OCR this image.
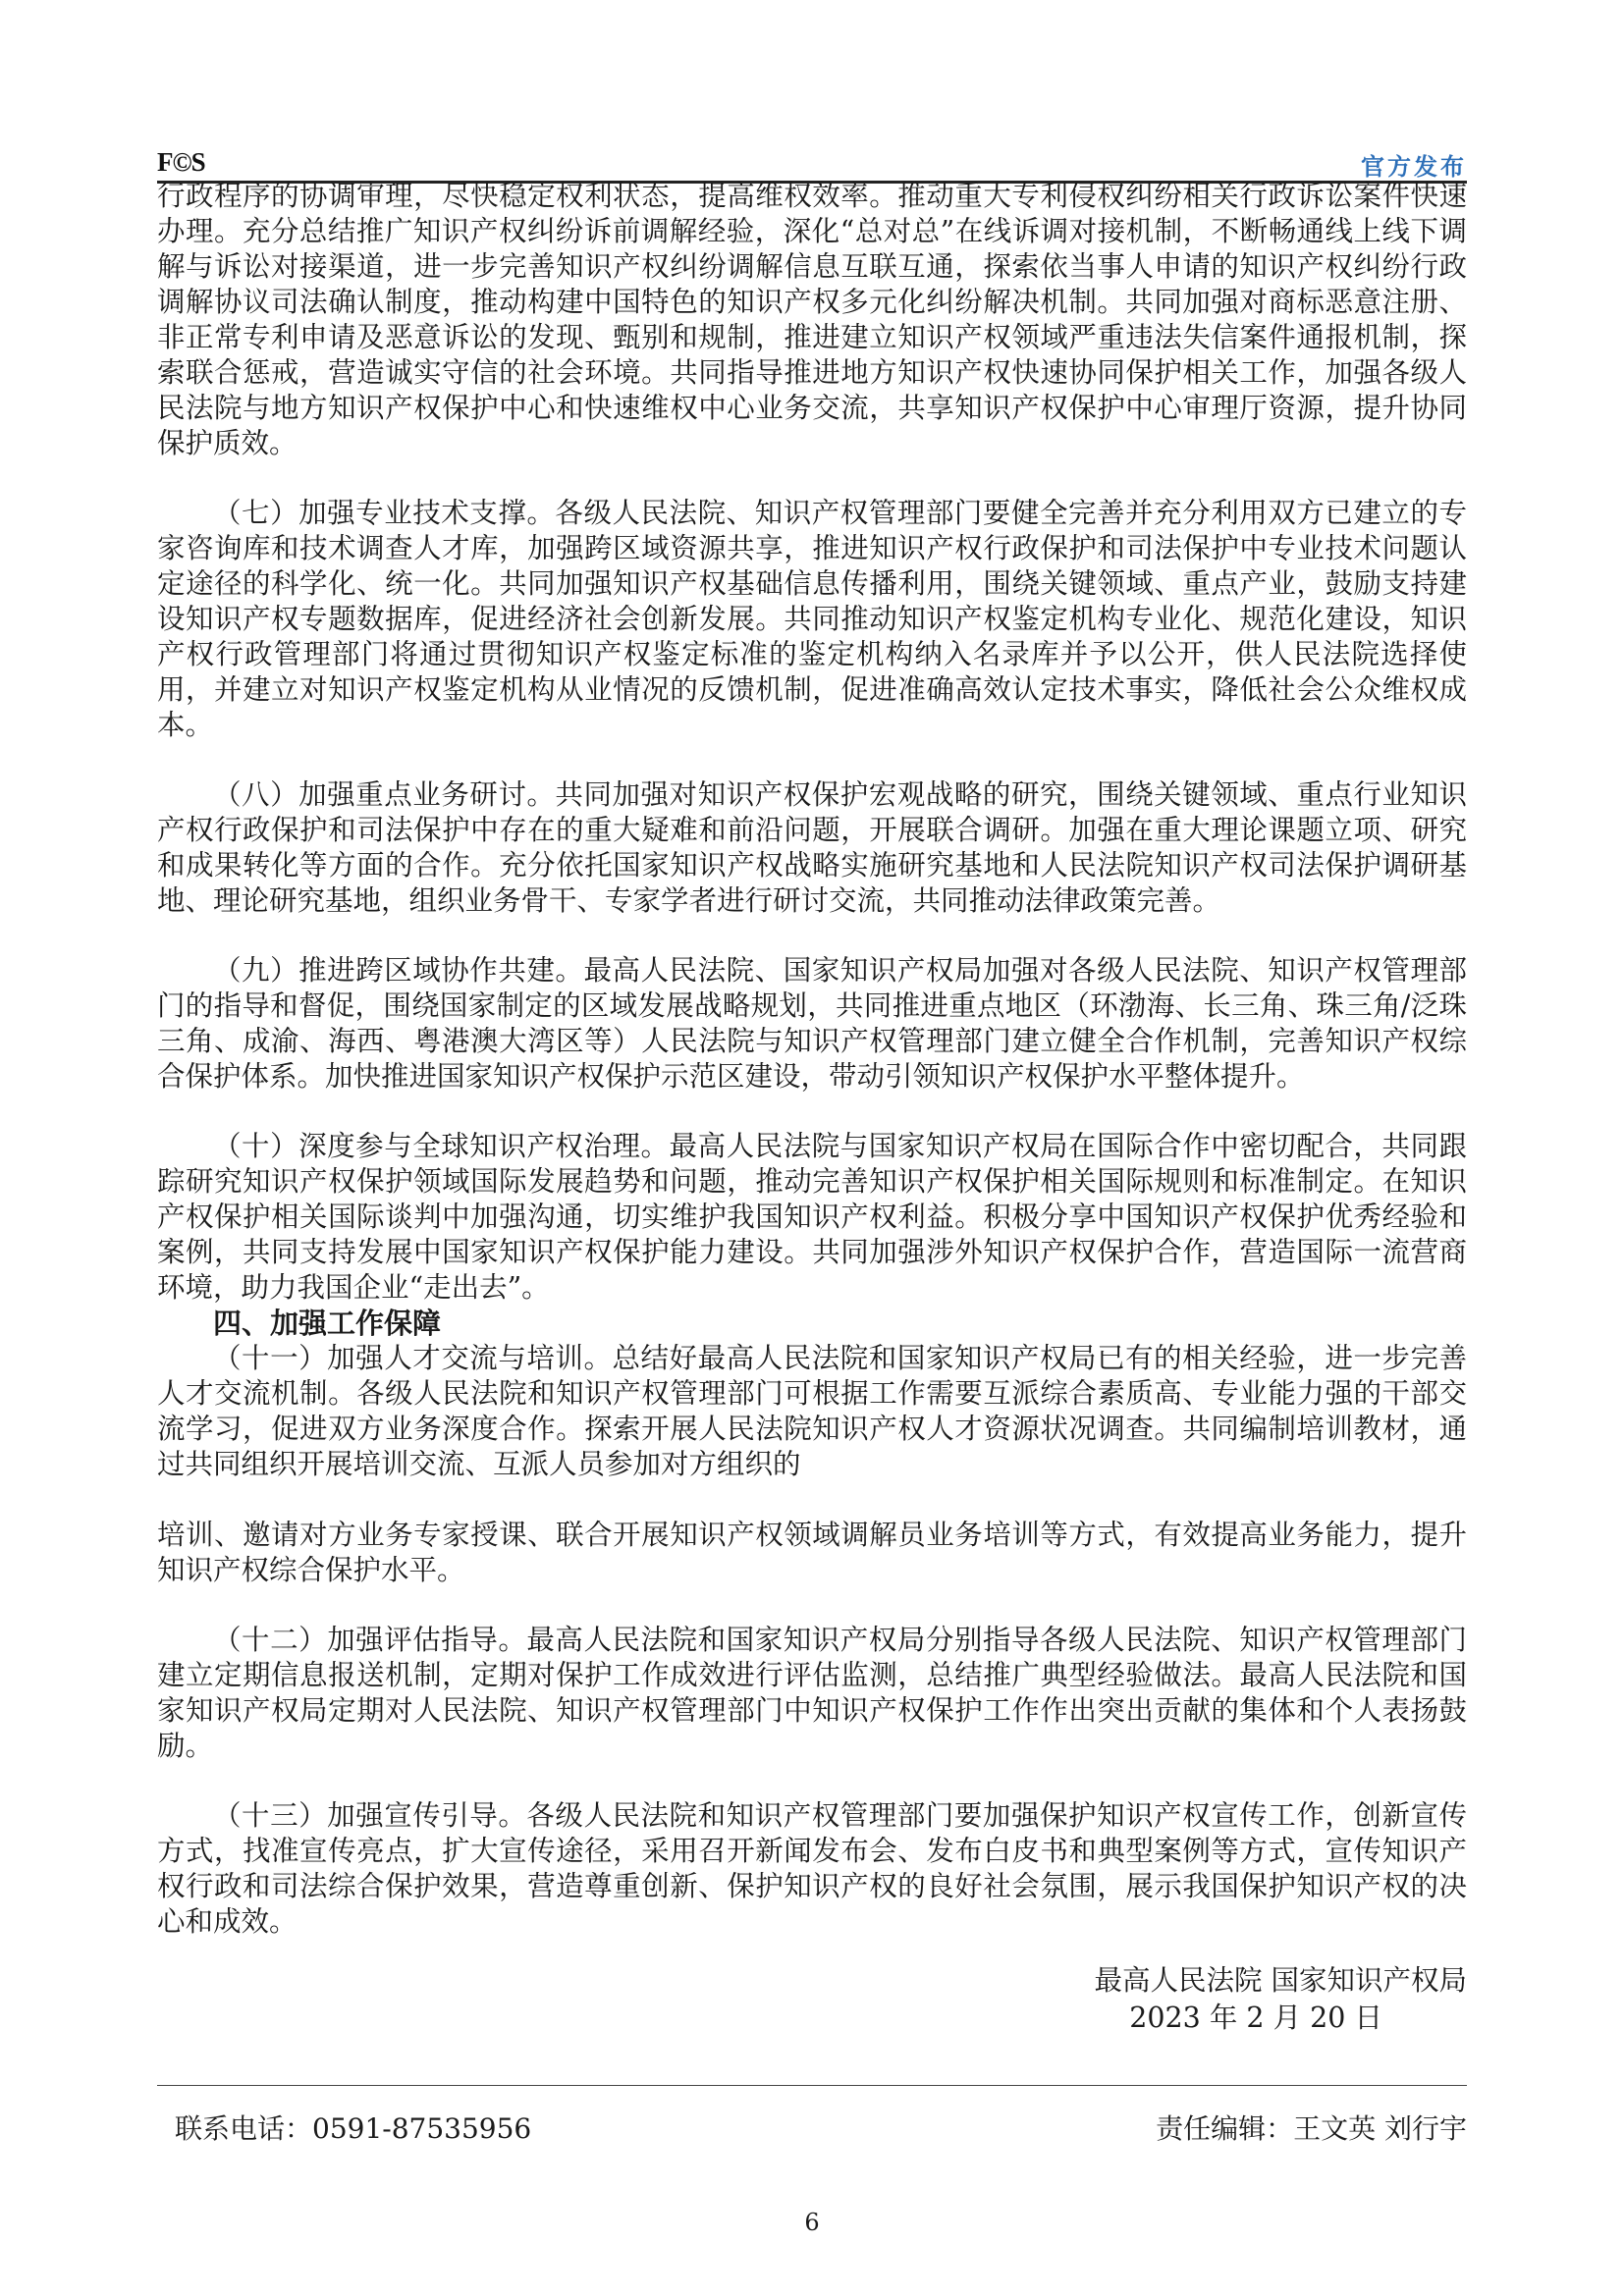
F©S	官方发布

行政程序的协调审理，尽快稳定权利状态，提高维权效率。推动重大专利侵权纠纷相关行政诉讼案件快速办理。充分总结推广知识产权纠纷诉前调解经验，深化“总对总”在线诉调对接机制，不断畅通线上线下调解与诉讼对接渠道，进一步完善知识产权纠纷调解信息互联互通，探索依当事人申请的知识产权纠纷行政调解协议司法确认制度，推动构建中国特色的知识产权多元化纠纷解决机制。共同加强对商标恶意注册、非正常专利申请及恶意诉讼的发现、甄别和规制，推进建立知识产权领域严重违法失信案件通报机制，探索联合惩戒，营造诚实守信的社会环境。共同指导推进地方知识产权快速协同保护相关工作，加强各级人民法院与地方知识产权保护中心和快速维权中心业务交流，共享知识产权保护中心审理厅资源，提升协同保护质效。

（七）加强专业技术支撑。各级人民法院、知识产权管理部门要健全完善并充分利用双方已建立的专家咨询库和技术调查人才库，加强跨区域资源共享，推进知识产权行政保护和司法保护中专业技术问题认定途径的科学化、统一化。共同加强知识产权基础信息传播利用，围绕关键领域、重点产业，鼓励支持建设知识产权专题数据库，促进经济社会创新发展。共同推动知识产权鉴定机构专业化、规范化建设，知识产权行政管理部门将通过贯彻知识产权鉴定标准的鉴定机构纳入名录库并予以公开，供人民法院选择使用，并建立对知识产权鉴定机构从业情况的反馈机制，促进准确高效认定技术事实，降低社会公众维权成本。

（八）加强重点业务研讨。共同加强对知识产权保护宏观战略的研究，围绕关键领域、重点行业知识产权行政保护和司法保护中存在的重大疑难和前沿问题，开展联合调研。加强在重大理论课题立项、研究和成果转化等方面的合作。充分依托国家知识产权战略实施研究基地和人民法院知识产权司法保护调研基地、理论研究基地，组织业务骨干、专家学者进行研讨交流，共同推动法律政策完善。

（九）推进跨区域协作共建。最高人民法院、国家知识产权局加强对各级人民法院、知识产权管理部门的指导和督促，围绕国家制定的区域发展战略规划，共同推进重点地区（环渤海、长三角、珠三角/泛珠三角、成渝、海西、粤港澳大湾区等）人民法院与知识产权管理部门建立健全合作机制，完善知识产权综合保护体系。加快推进国家知识产权保护示范区建设，带动引领知识产权保护水平整体提升。

（十）深度参与全球知识产权治理。最高人民法院与国家知识产权局在国际合作中密切配合，共同跟踪研究知识产权保护领域国际发展趋势和问题，推动完善知识产权保护相关国际规则和标准制定。在知识产权保护相关国际谈判中加强沟通，切实维护我国知识产权利益。积极分享中国知识产权保护优秀经验和案例，共同支持发展中国家知识产权保护能力建设。共同加强涉外知识产权保护合作，营造国际一流营商环境，助力我国企业“走出去”。

四、加强工作保障

（十一）加强人才交流与培训。总结好最高人民法院和国家知识产权局已有的相关经验，进一步完善人才交流机制。各级人民法院和知识产权管理部门可根据工作需要互派综合素质高、专业能力强的干部交流学习，促进双方业务深度合作。探索开展人民法院知识产权人才资源状况调查。共同编制培训教材，通过共同组织开展培训交流、互派人员参加对方组织的

培训、邀请对方业务专家授课、联合开展知识产权领域调解员业务培训等方式，有效提高业务能力，提升知识产权综合保护水平。

（十二）加强评估指导。最高人民法院和国家知识产权局分别指导各级人民法院、知识产权管理部门建立定期信息报送机制，定期对保护工作成效进行评估监测，总结推广典型经验做法。最高人民法院和国家知识产权局定期对人民法院、知识产权管理部门中知识产权保护工作作出突出贡献的集体和个人表扬鼓励。

（十三）加强宣传引导。各级人民法院和知识产权管理部门要加强保护知识产权宣传工作，创新宣传方式，找准宣传亮点，扩大宣传途径，采用召开新闻发布会、发布白皮书和典型案例等方式，宣传知识产权行政和司法综合保护效果，营造尊重创新、保护知识产权的良好社会氛围，展示我国保护知识产权的决心和成效。

最高人民法院 国家知识产权局
2023 年 2 月 20 日
联系电话：0591-87535956	责任编辑：王文英 刘行宇
6
